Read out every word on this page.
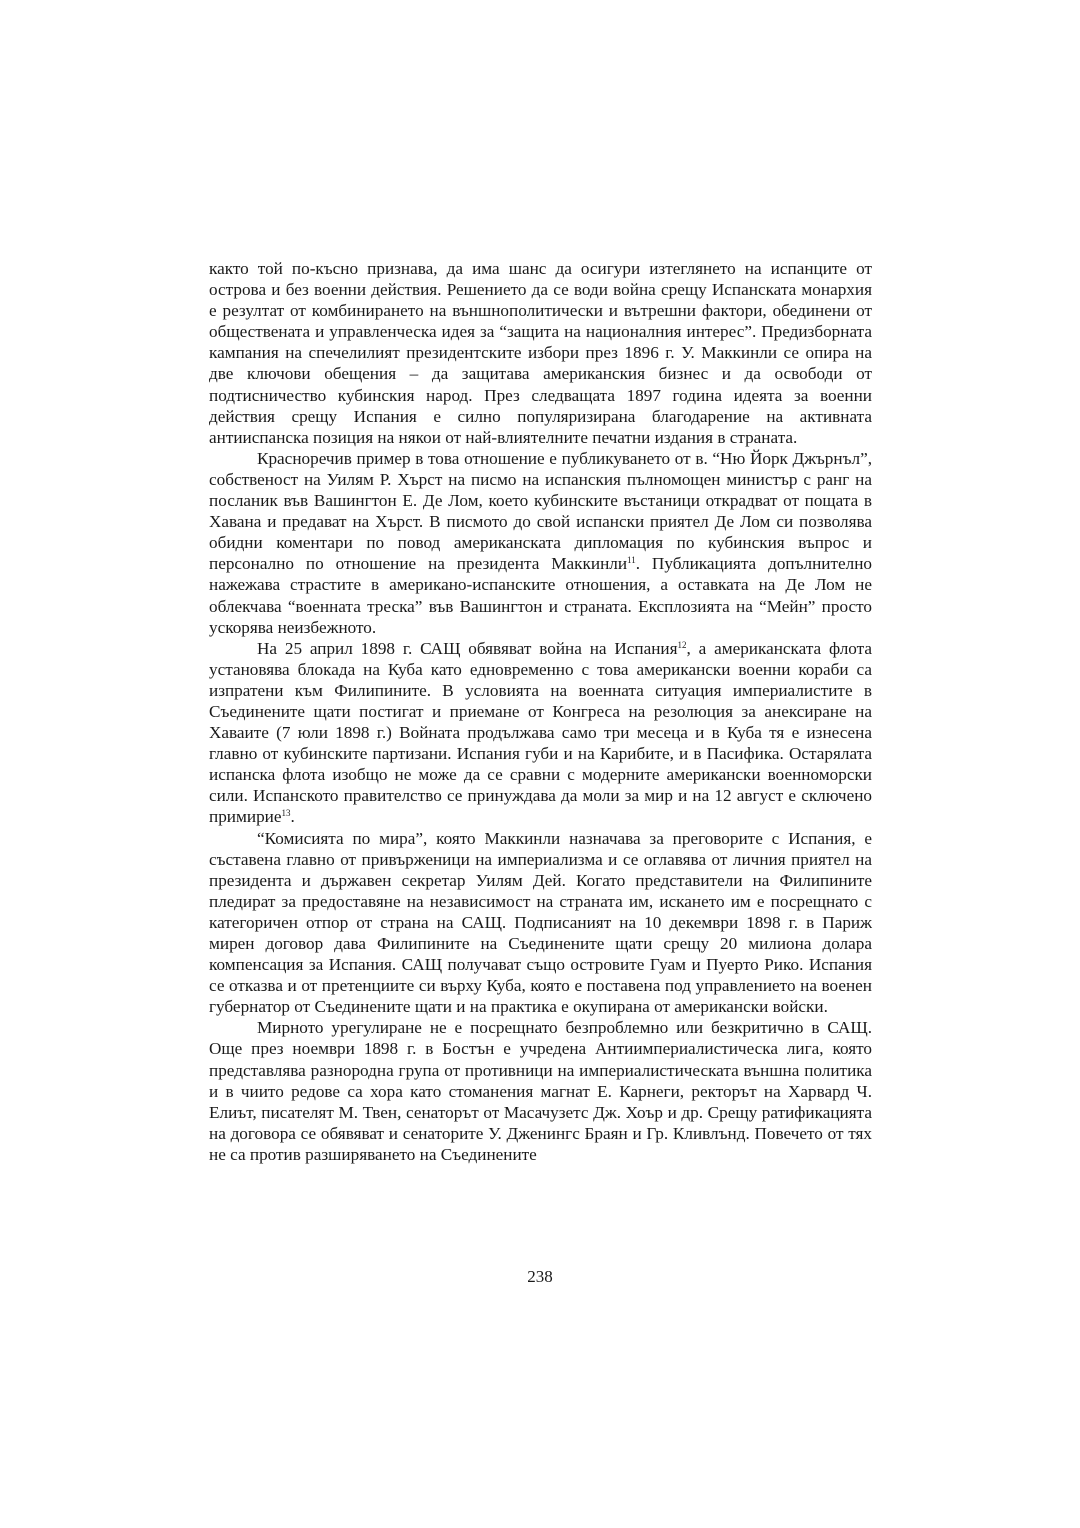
както той по-късно признава, да има шанс да осигури изтеглянето на испанците от острова и без военни действия. Решението да се води война срещу Испанската монархия е резултат от комбинирането на външнополитически и вътрешни фактори, обединени от обществената и управленческа идея за “защита на националния интерес”. Предизборната кампания на спечелилият президентските избори през 1896 г. У. Маккинли се опира на две ключови обещения – да защитава американския бизнес и да освободи от подтисничество кубинския народ. През следващата 1897 година идеята за военни действия срещу Испания е силно популяризирана благодарение на активната антииспанска позиция на някои от най-влиятелните печатни издания в страната.

Красноречив пример в това отношение е публикуването от в. “Ню Йорк Джърнъл”, собственост на Уилям Р. Хърст на писмо на испанския пълномощен министър с ранг на посланик във Вашингтон Е. Де Лом, което кубинските въстаници открадват от пощата в Хавана и предават на Хърст. В писмото до свой испански приятел Де Лом си позволява обидни коментари по повод американската дипломация по кубинския въпрос и персонално по отношение на президента Маккинли$^{11}$. Публикацията допълнително нажежава страстите в американо-испанските отношения, а оставката на Де Лом не облекчава “военната треска” във Вашингтон и страната. Експлозията на “Мейн” просто ускорява неизбежното.

На 25 април 1898 г. САЩ обявяват война на Испания$^{12}$, а американската флота установява блокада на Куба като едновременно с това американски военни кораби са изпратени към Филипините. В условията на военната ситуация империалистите в Съединените щати постигат и приемане от Конгреса на резолюция за анексиране на Хаваите (7 юли 1898 г.) Войната продължава само три месеца и в Куба тя е изнесена главно от кубинските партизани. Испания губи и на Карибите, и в Пасифика. Остарялата испанска флота изобщо не може да се сравни с модерните американски военноморски сили. Испанското правителство се принуждава да моли за мир и на 12 август е сключено примирие$^{13}$.

“Комисията по мира”, която Маккинли назначава за преговорите с Испания, е съставена главно от привърженици на империализма и се оглавява от личния приятел на президента и държавен секретар Уилям Дей. Когато представители на Филипините пледират за предоставяне на независимост на страната им, искането им е посрещнато с категоричен отпор от страна на САЩ. Подписаният на 10 декември 1898 г. в Париж мирен договор дава Филипините на Съединените щати срещу 20 милиона долара компенсация за Испания. САЩ получават също островите Гуам и Пуерто Рико. Испания се отказва и от претенциите си върху Куба, която е поставена под управлението на военен губернатор от Съединените щати и на практика е окупирана от американски войски.

Мирното урегулиране не е посрещнато безпроблемно или безкритично в САЩ. Още през ноември 1898 г. в Бостън е учредена Антиимпериалистическа лига, която представлява разнородна група от противници на империалистическата външна политика и в чиито редове са хора като стоманения магнат Е. Карнеги, ректорът на Харвард Ч. Елиът, писателят М. Твен, сенаторът от Масачузетс Дж. Хоър и др. Срещу ратификацията на договора се обявяват и сенаторите У. Дженингс Браян и Гр. Кливлънд. Повечето от тях не са против разширяването на Съединените

238
